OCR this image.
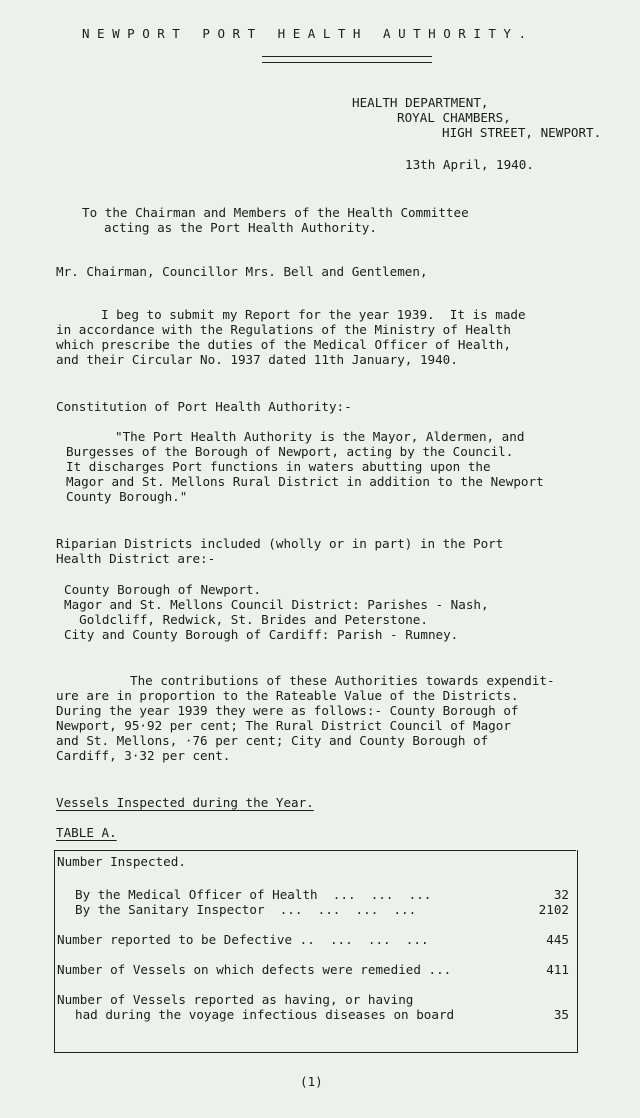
N E W P O R T   P O R T   H E A L T H   A U T H O R I T Y .
HEALTH DEPARTMENT,
ROYAL CHAMBERS,
HIGH STREET, NEWPORT.
13th April, 1940.
To the Chairman and Members of the Health Committee
acting as the Port Health Authority.
Mr. Chairman, Councillor Mrs. Bell and Gentlemen,
I beg to submit my Report for the year 1939.  It is made
in accordance with the Regulations of the Ministry of Health
which prescribe the duties of the Medical Officer of Health,
and their Circular No. 1937 dated 11th January, 1940.
Constitution of Port Health Authority:-
"The Port Health Authority is the Mayor, Aldermen, and
Burgesses of the Borough of Newport, acting by the Council.
It discharges Port functions in waters abutting upon the
Magor and St. Mellons Rural District in addition to the Newport
County Borough."
Riparian Districts included (wholly or in part) in the Port
Health District are:-
County Borough of Newport.
Magor and St. Mellons Council District: Parishes - Nash,
Goldcliff, Redwick, St. Brides and Peterstone.
City and County Borough of Cardiff: Parish - Rumney.
The contributions of these Authorities towards expendit-
ure are in proportion to the Rateable Value of the Districts.
During the year 1939 they were as follows:- County Borough of
Newport, 95·92 per cent; The Rural District Council of Magor
and St. Mellons, ·76 per cent; City and County Borough of
Cardiff, 3·32 per cent.
Vessels Inspected during the Year.
TABLE A.
Number Inspected.
By the Medical Officer of Health  ...  ...  ...	32
By the Sanitary Inspector  ...  ...  ...  ...	2102
Number reported to be Defective ..  ...  ...  ...	445
Number of Vessels on which defects were remedied ...	411
Number of Vessels reported as having, or having
had during the voyage infectious diseases on board	35
(1)
